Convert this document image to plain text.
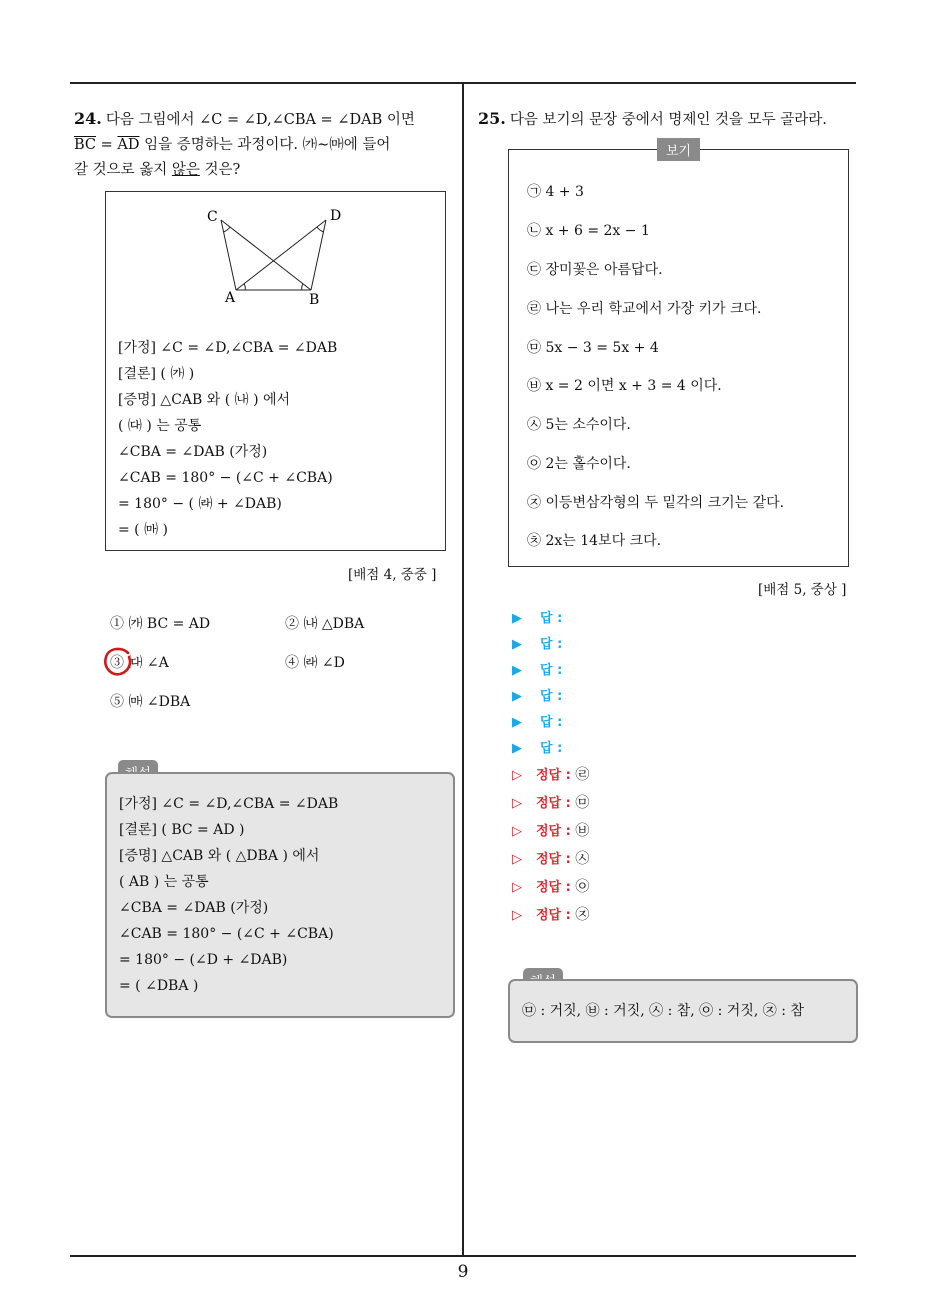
24. 다음 그림에서 ∠C = ∠D,∠CBA = ∠DAB 이면
$\overline{BC} = \overline{AD}$ 임을 증명하는 과정이다. ㈎∼㈒에 들어
갈 것으로 옳지 않은 것은?
C	D
A	B
[가정] ∠C = ∠D,∠CBA = ∠DAB
[결론] ( ㈎ )
[증명] △CAB 와 ( ㈏ ) 에서
( ㈐ ) 는 공통
∠CBA = ∠DAB (가정)
∠CAB = 180° − (∠C + ∠CBA)
= 180° − ( ㈑ + ∠DAB)
= ( ㈒ )
[배점 4, 중중 ]
① ㈎ BC = AD	② ㈏ △DBA
③ ㈐ ∠A	④ ㈑ ∠D
⑤ ㈒ ∠DBA
[가정] ∠C = ∠D,∠CBA = ∠DAB
[결론] ( BC = AD )
[증명] △CAB 와 ( △DBA ) 에서
( AB ) 는 공통
∠CBA = ∠DAB (가정)
∠CAB = 180° − (∠C + ∠CBA)
= 180° − (∠D + ∠DAB)
= ( ∠DBA )
25. 다음 보기의 문장 중에서 명제인 것을 모두 골라라.
㉠ 4 + 3
㉡ x + 6 = 2x − 1
㉢ 장미꽃은 아름답다.
㉣ 나는 우리 학교에서 가장 키가 크다.
㉤ 5x − 3 = 5x + 4
㉥ x = 2 이면 x + 3 = 4 이다.
㉦ 5는 소수이다.
㉧ 2는 홀수이다.
㉨ 이등변삼각형의 두 밑각의 크기는 같다.
㉩ 2x는 14보다 크다.
보기
[배점 5, 중상 ]
▶ 답 :
▶ 답 :
▶ 답 :
▶ 답 :
▶ 답 :
▶ 답 :
▷ 정답 : ㉣
▷ 정답 : ㉤
▷ 정답 : ㉥
▷ 정답 : ㉦
▷ 정답 : ㉧
▷ 정답 : ㉨
㉤ : 거짓, ㉥ : 거짓, ㉦ : 참, ㉧ : 거짓, ㉨ : 참
9
